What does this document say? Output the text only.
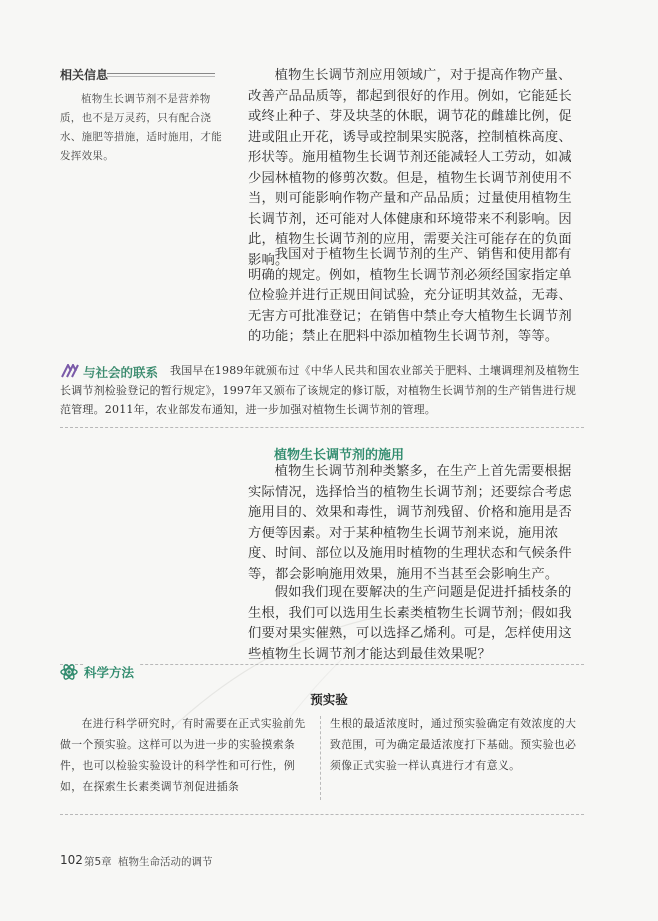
相关信息
植物生长调节剂不是营养物质，也不是万灵药，只有配合浇水、施肥等措施，适时施用，才能发挥效果。
植物生长调节剂应用领域广，对于提高作物产量、改善产品品质等，都起到很好的作用。例如，它能延长或终止种子、芽及块茎的休眠，调节花的雌雄比例，促进或阻止开花，诱导或控制果实脱落，控制植株高度、形状等。施用植物生长调节剂还能减轻人工劳动，如减少园林植物的修剪次数。但是，植物生长调节剂使用不当，则可能影响作物产量和产品品质；过量使用植物生长调节剂，还可能对人体健康和环境带来不利影响。因此，植物生长调节剂的应用，需要关注可能存在的负面影响。
我国对于植物生长调节剂的生产、销售和使用都有明确的规定。例如，植物生长调节剂必须经国家指定单位检验并进行正规田间试验，充分证明其效益，无毒、无害方可批准登记；在销售中禁止夸大植物生长调节剂的功能；禁止在肥料中添加植物生长调节剂，等等。
我国早在1989年就颁布过《中华人民共和国农业部关于肥料、土壤调理剂及植物生长调节剂检验登记的暂行规定》，1997年又颁布了该规定的修订版，对植物生长调节剂的生产销售进行规范管理。2011年，农业部发布通知，进一步加强对植物生长调节剂的管理。
与社会的联系
植物生长调节剂的施用
植物生长调节剂种类繁多，在生产上首先需要根据实际情况，选择恰当的植物生长调节剂；还要综合考虑施用目的、效果和毒性，调节剂残留、价格和施用是否方便等因素。对于某种植物生长调节剂来说，施用浓度、时间、部位以及施用时植物的生理状态和气候条件等，都会影响施用效果，施用不当甚至会影响生产。
假如我们现在要解决的生产问题是促进扦插枝条的生根，我们可以选用生长素类植物生长调节剂；假如我们要对果实催熟，可以选择乙烯利。可是，怎样使用这些植物生长调节剂才能达到最佳效果呢？
科学方法
预实验
在进行科学研究时，有时需要在正式实验前先做一个预实验。这样可以为进一步的实验摸索条件，也可以检验实验设计的科学性和可行性，例如，在探索生长素类调节剂促进插条
生根的最适浓度时，通过预实验确定有效浓度的大致范围，可为确定最适浓度打下基础。预实验也必须像正式实验一样认真进行才有意义。
102 第5章 植物生命活动的调节
